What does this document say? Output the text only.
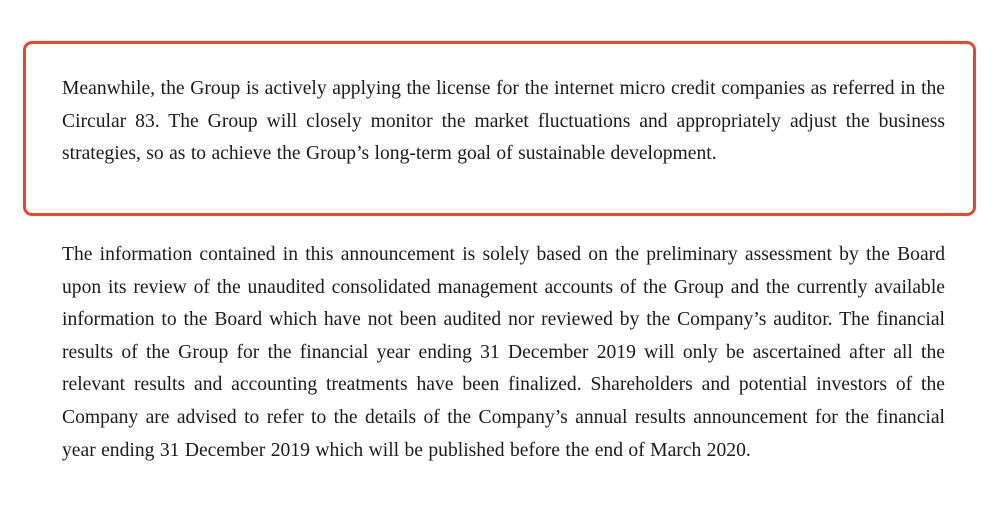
Meanwhile, the Group is actively applying the license for the internet micro credit companies as referred in the Circular 83. The Group will closely monitor the market fluctuations and appropriately adjust the business strategies, so as to achieve the Group’s long-term goal of sustainable development.

The information contained in this announcement is solely based on the preliminary assessment by the Board upon its review of the unaudited consolidated management accounts of the Group and the currently available information to the Board which have not been audited nor reviewed by the Company’s auditor. The financial results of the Group for the financial year ending 31 December 2019 will only be ascertained after all the relevant results and accounting treatments have been finalized. Shareholders and potential investors of the Company are advised to refer to the details of the Company’s annual results announcement for the financial year ending 31 December 2019 which will be published before the end of March 2020.
